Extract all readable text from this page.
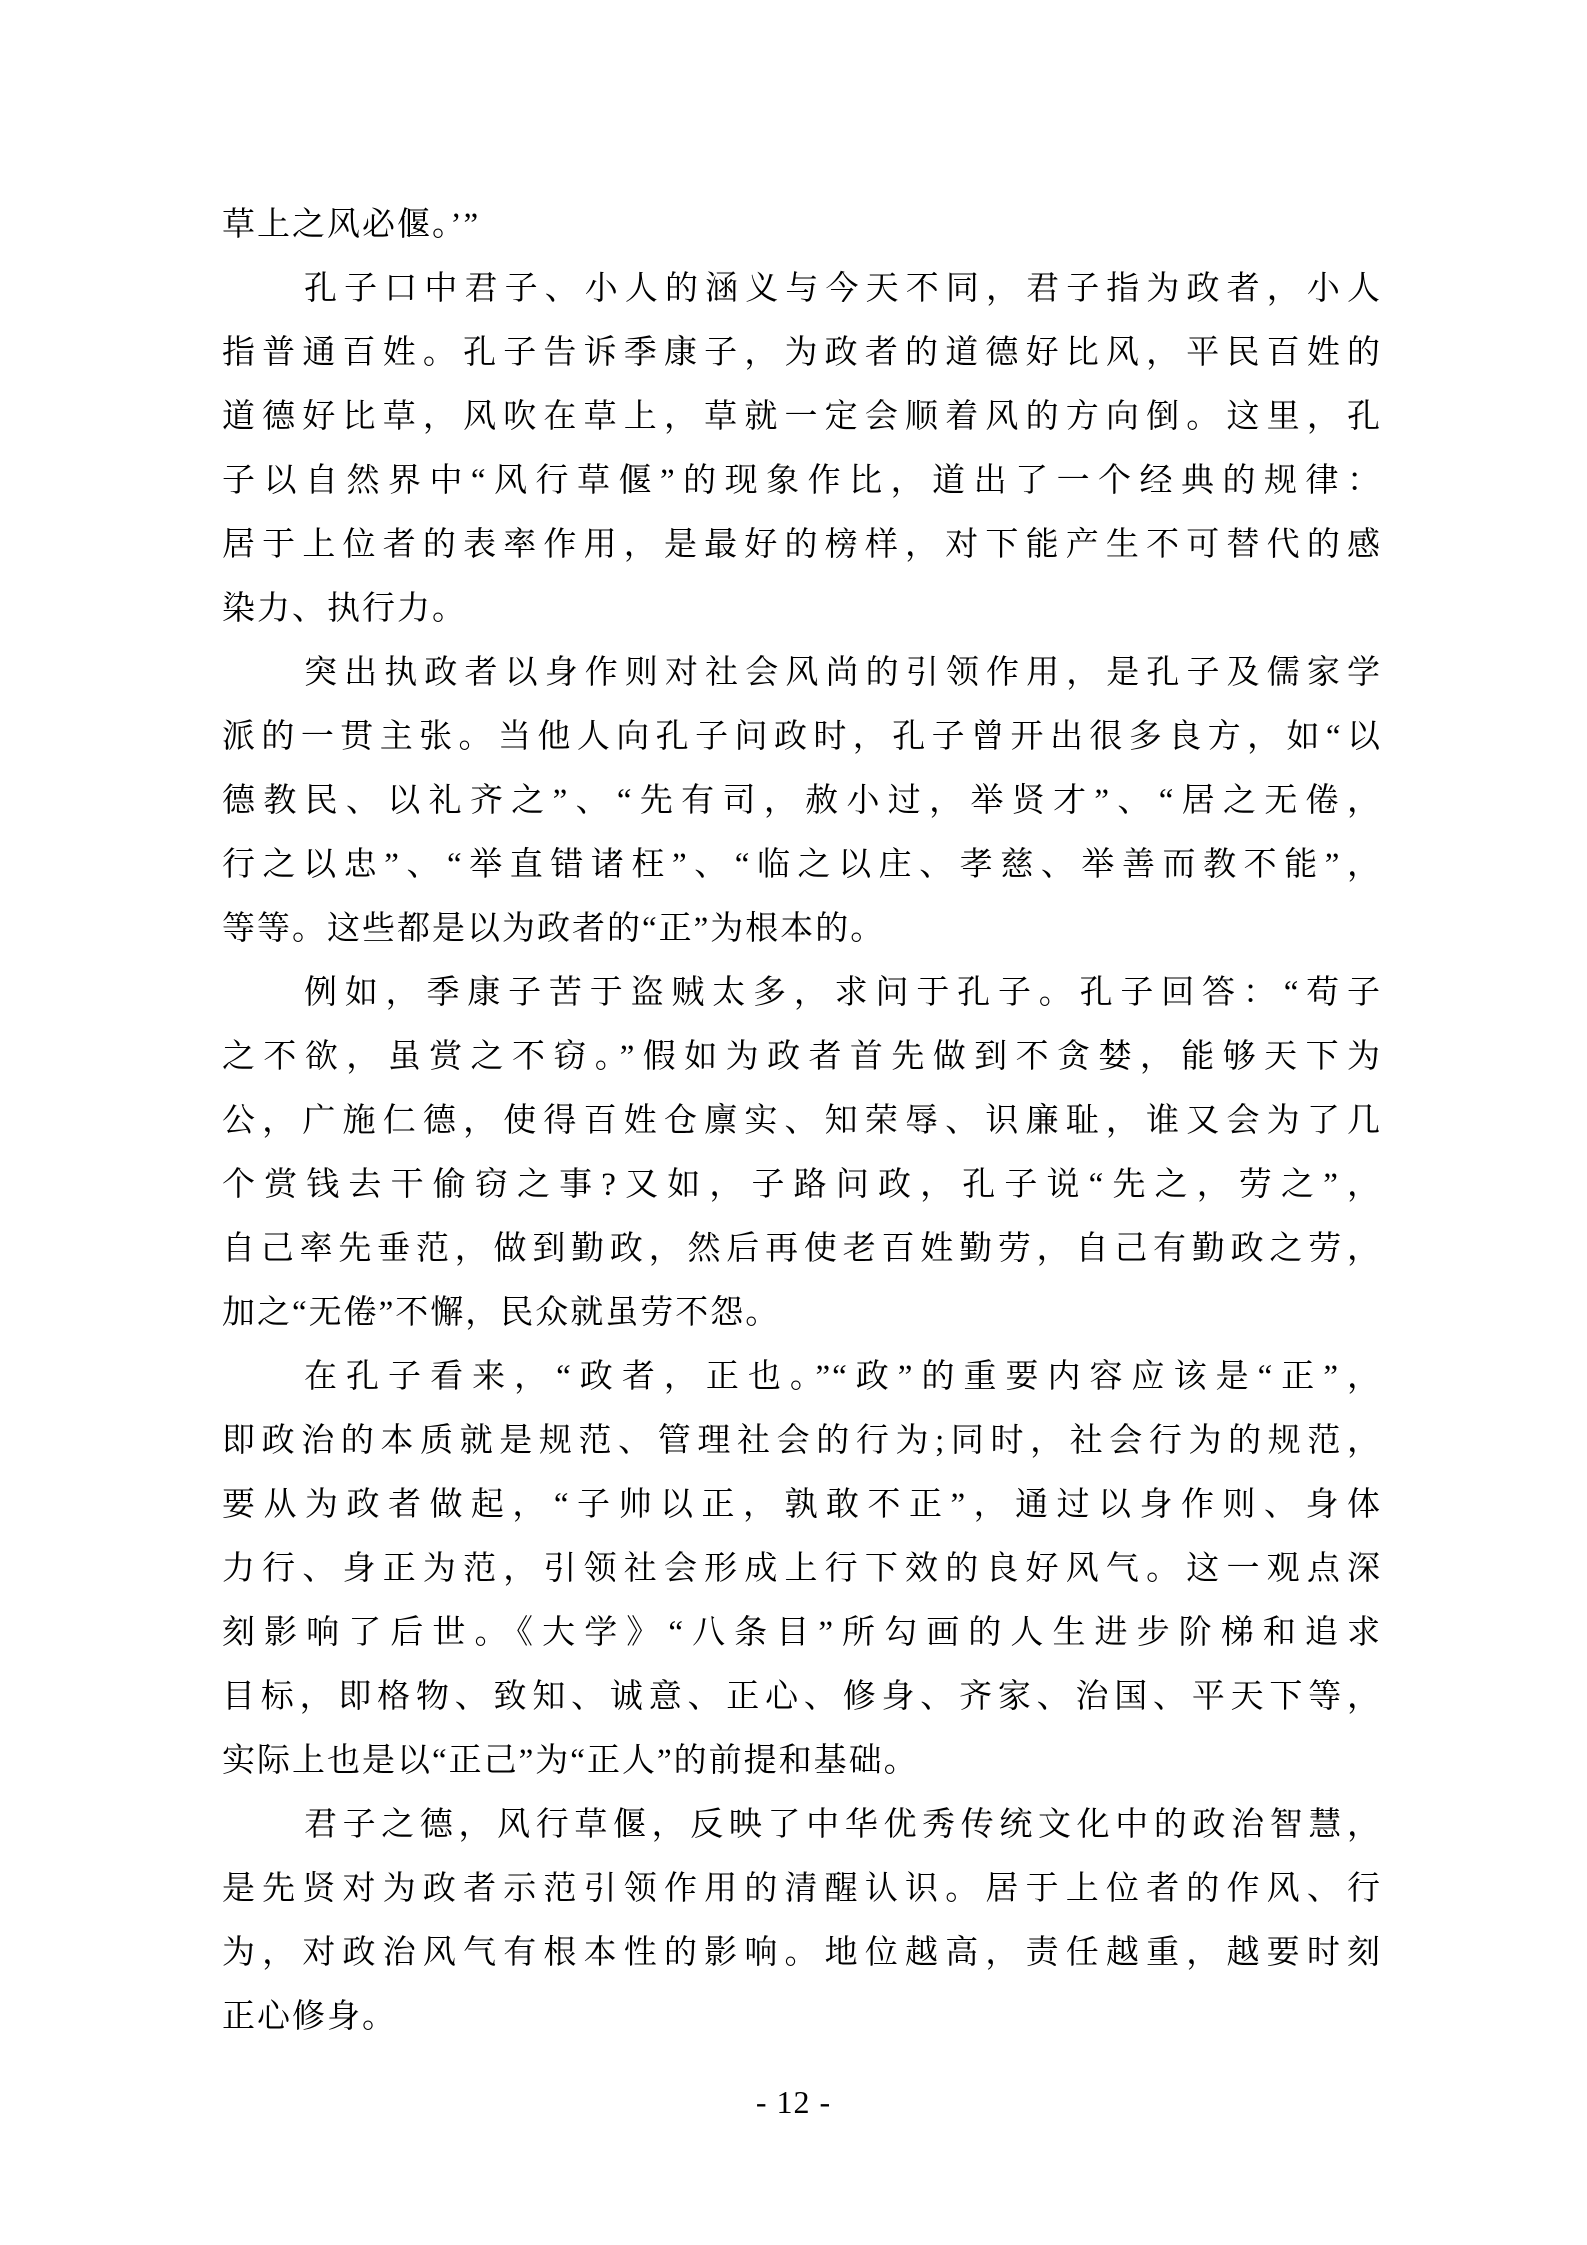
草上之风必偃。’”
孔子口中君子、小人的涵义与今天不同，君子指为政者，小人
指普通百姓。孔子告诉季康子，为政者的道德好比风，平民百姓的
道德好比草，风吹在草上，草就一定会顺着风的方向倒。这里，孔
子以自然界中“风行草偃”的现象作比，道出了一个经典的规律：
居于上位者的表率作用，是最好的榜样，对下能产生不可替代的感
染力、执行力。
突出执政者以身作则对社会风尚的引领作用，是孔子及儒家学
派的一贯主张。当他人向孔子问政时，孔子曾开出很多良方，如“以
德教民、以礼齐之”、“先有司，赦小过，举贤才”、“居之无倦，
行之以忠”、“举直错诸枉”、“临之以庄、孝慈、举善而教不能”，
等等。这些都是以为政者的“正”为根本的。
例如，季康子苦于盗贼太多，求问于孔子。孔子回答：“苟子
之不欲，虽赏之不窃。”假如为政者首先做到不贪婪，能够天下为
公，广施仁德，使得百姓仓廪实、知荣辱、识廉耻，谁又会为了几
个赏钱去干偷窃之事?又如，子路问政，孔子说“先之，劳之”，
自己率先垂范，做到勤政，然后再使老百姓勤劳，自己有勤政之劳，
加之“无倦”不懈，民众就虽劳不怨。
在孔子看来，“政者，正也。”“政”的重要内容应该是“正”，
即政治的本质就是规范、管理社会的行为;同时，社会行为的规范，
要从为政者做起，“子帅以正，孰敢不正”，通过以身作则、身体
力行、身正为范，引领社会形成上行下效的良好风气。这一观点深
刻影响了后世。《大学》“八条目”所勾画的人生进步阶梯和追求
目标，即格物、致知、诚意、正心、修身、齐家、治国、平天下等，
实际上也是以“正己”为“正人”的前提和基础。
君子之德，风行草偃，反映了中华优秀传统文化中的政治智慧，
是先贤对为政者示范引领作用的清醒认识。居于上位者的作风、行
为，对政治风气有根本性的影响。地位越高，责任越重，越要时刻
正心修身。
- 12 -
